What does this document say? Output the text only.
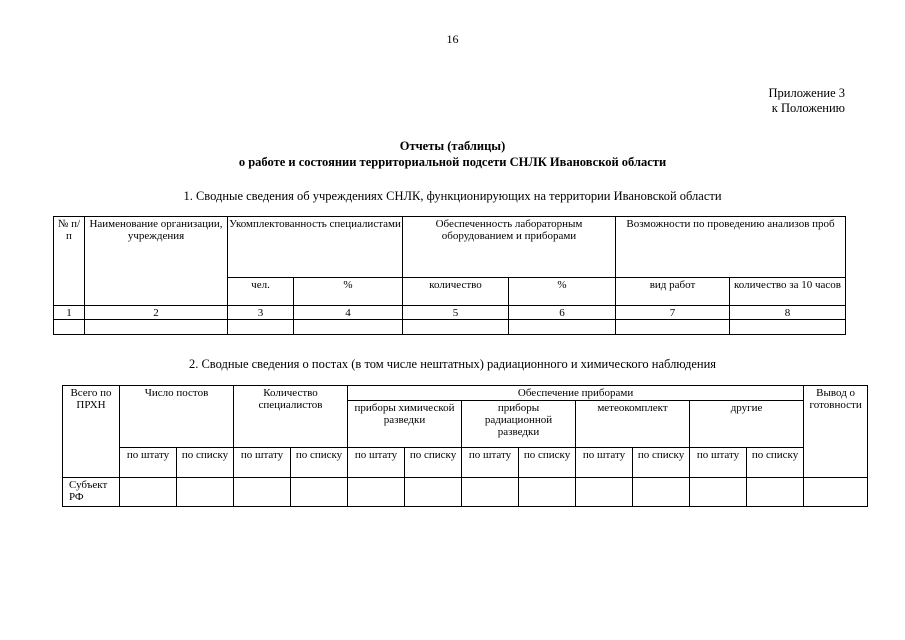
16
Приложение 3
к Положению
Отчеты (таблицы)
о работе и состоянии территориальной подсети СНЛК Ивановской области
1. Сводные сведения об учреждениях СНЛК, функционирующих на территории Ивановской области
№ п/п	Наименование организации, учреждения	Укомплектованность специалистами		Обеспеченность лабораторным оборудованием и приборами		Возможности по проведению анализов проб	
		чел.	%	количество	%	вид работ	количество за 10 часов
1	2	3	4	5	6	7	8

2. Сводные сведения о постах (в том числе нештатных) радиационного и химического наблюдения
Всего по ПРХН	Число постов		Количество специалистов		Обеспечение приборами								Вывод о готовности
					приборы химической разведки		приборы радиационной разведки		метеокомплект		другие		
	по штату	по списку	по штату	по списку	по штату	по списку	по штату	по списку	по штату	по списку	по штату	по списку	
Субъект РФ													
